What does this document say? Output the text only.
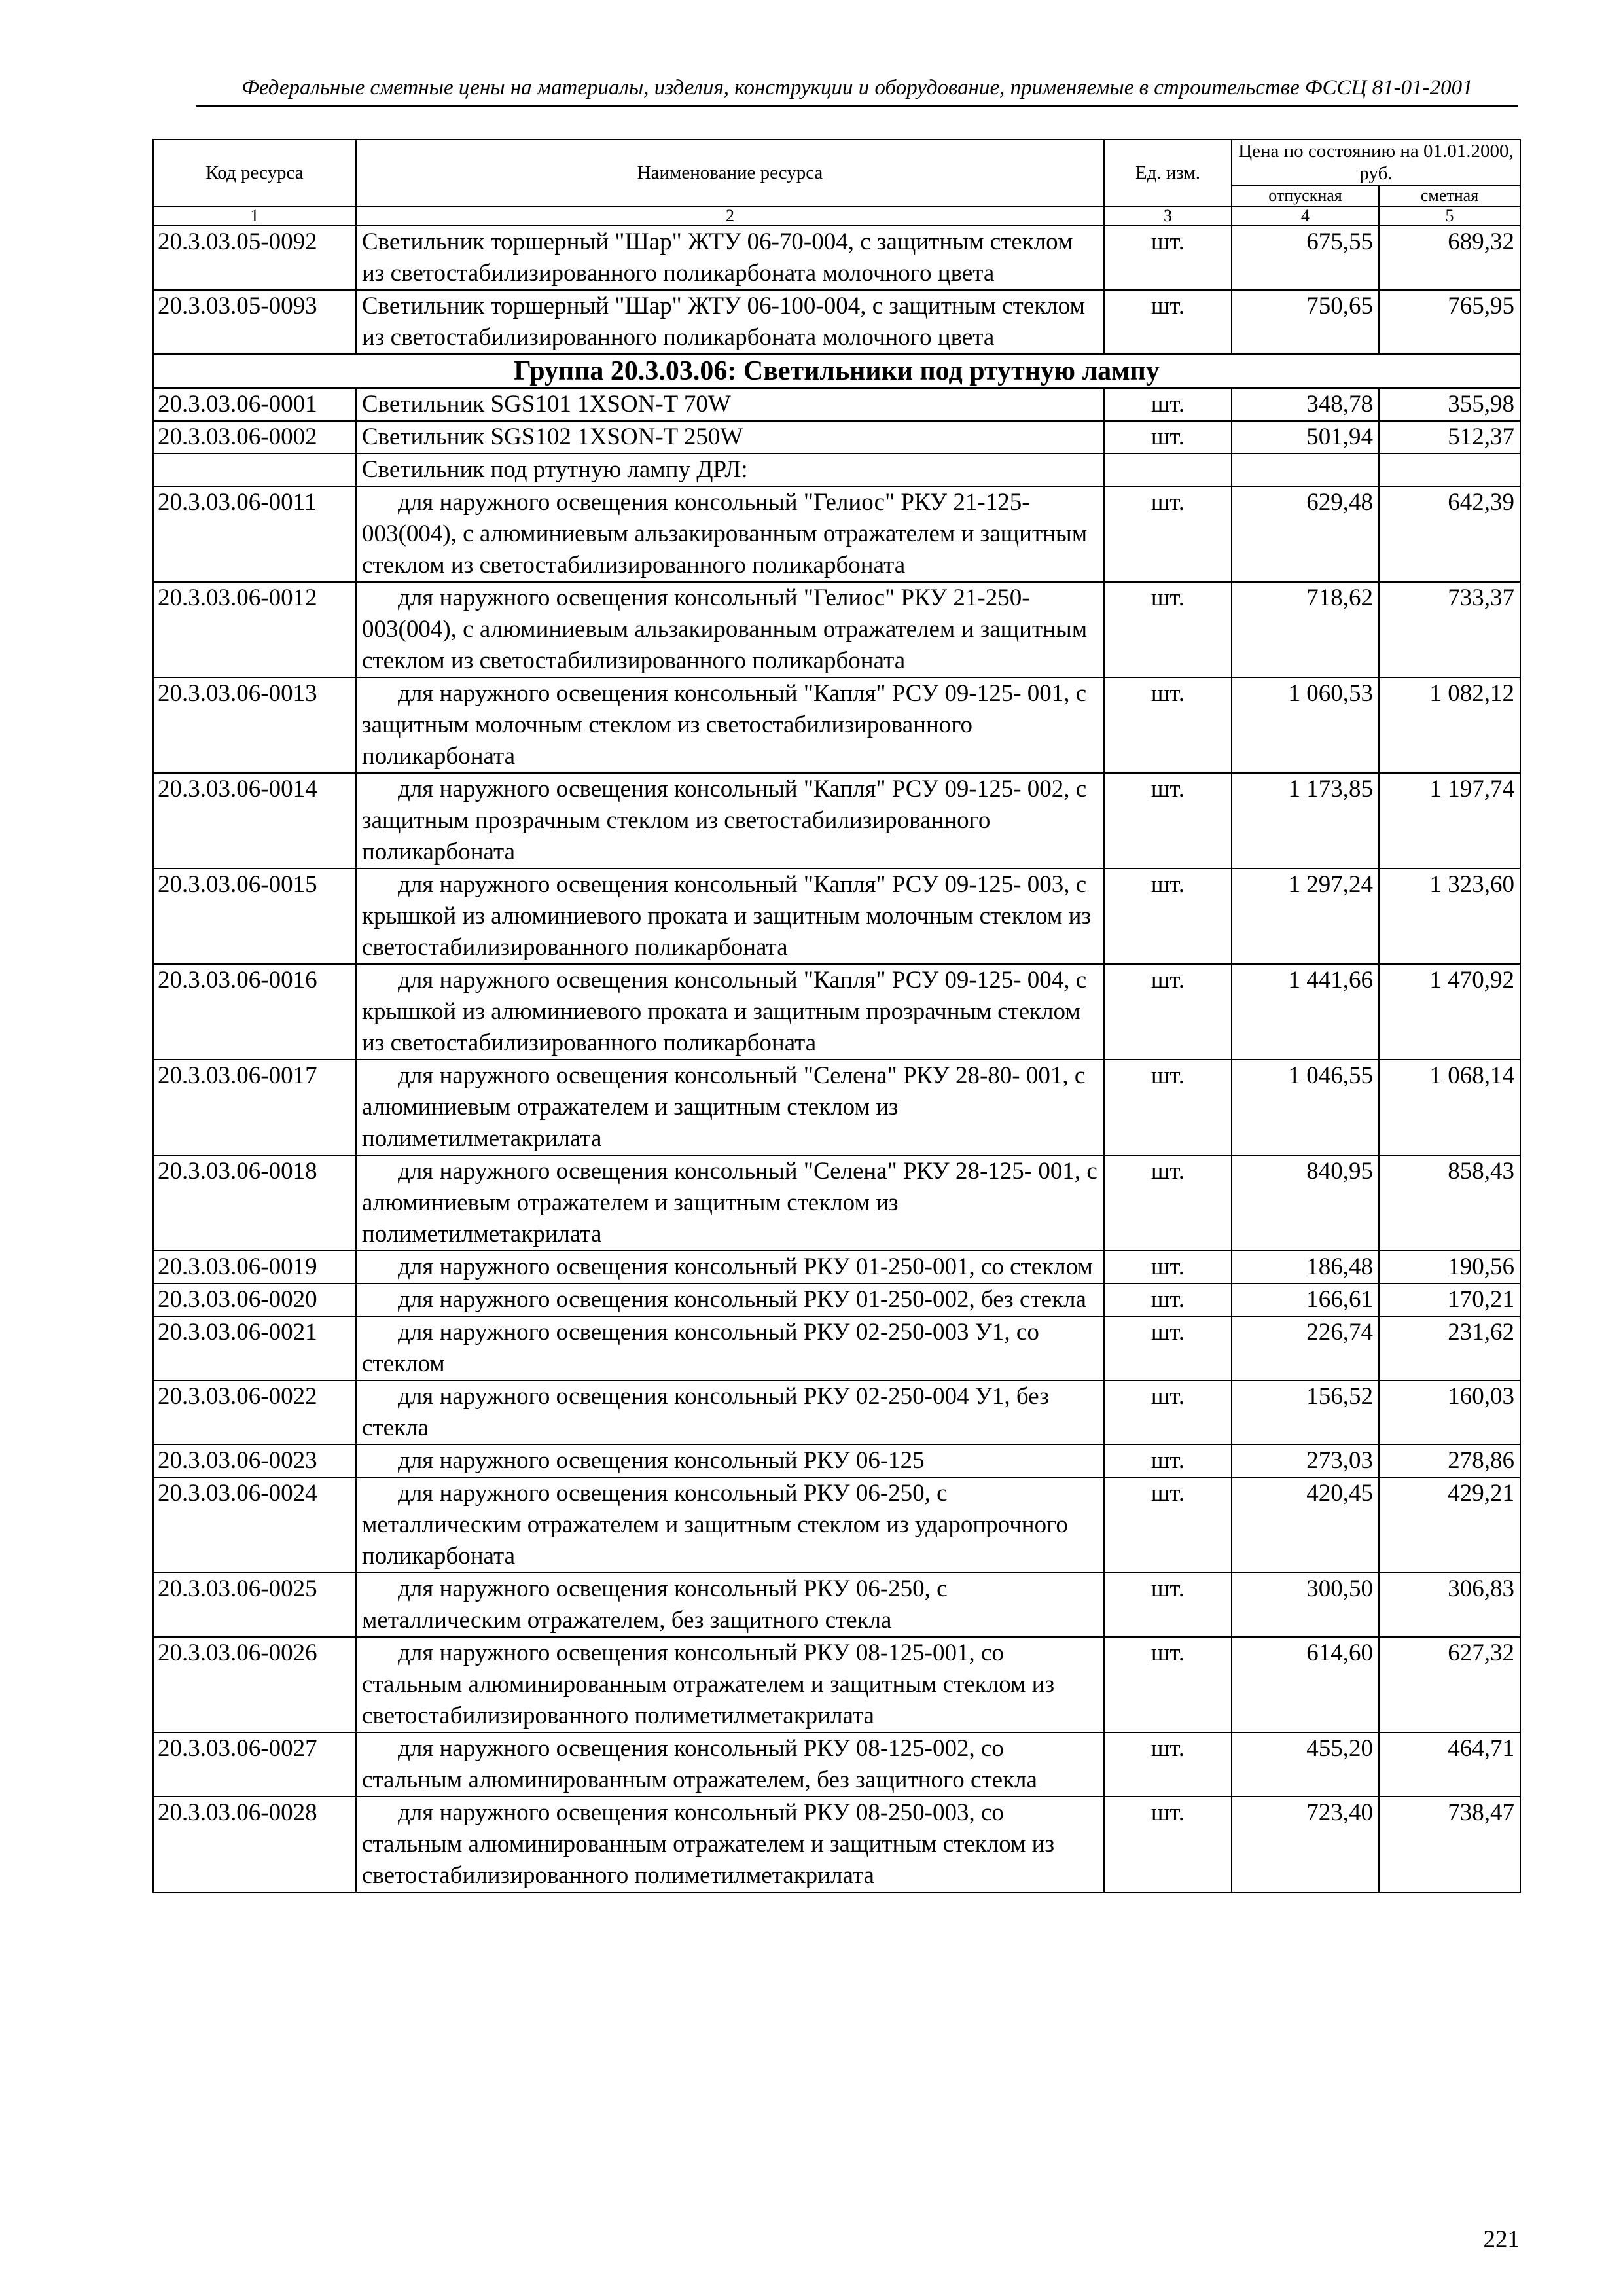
Федеральные сметные цены на материалы, изделия, конструкции и оборудование, применяемые в строительстве ФССЦ 81-01-2001
Код ресурса	Наименование ресурса	Ед. изм.	Цена по состоянию на 01.01.2000, руб.	
			отпускная	сметная
1	2	3	4	5
20.3.03.05-0092	Светильник торшерный "Шар" ЖТУ 06-70-004, с защитным стеклом из светостабилизированного поликарбоната молочного цвета	шт.	675,55	689,32
20.3.03.05-0093	Светильник торшерный "Шар" ЖТУ 06-100-004, с защитным стеклом из светостабилизированного поликарбоната молочного цвета	шт.	750,65	765,95
Группа 20.3.03.06: Светильники под ртутную лампу				
20.3.03.06-0001	Светильник SGS101 1XSON-T 70W	шт.	348,78	355,98
20.3.03.06-0002	Светильник SGS102 1XSON-T 250W	шт.	501,94	512,37
	Светильник под ртутную лампу ДРЛ:			
20.3.03.06-0011	для наружного освещения консольный "Гелиос" РКУ 21-125- 003(004), с алюминиевым альзакированным отражателем и защитным стеклом из светостабилизированного поликарбоната	шт.	629,48	642,39
20.3.03.06-0012	для наружного освещения консольный "Гелиос" РКУ 21-250- 003(004), с алюминиевым альзакированным отражателем и защитным стеклом из светостабилизированного поликарбоната	шт.	718,62	733,37
20.3.03.06-0013	для наружного освещения консольный "Капля" РСУ 09-125- 001, с защитным молочным стеклом из светостабилизированного поликарбоната	шт.	1 060,53	1 082,12
20.3.03.06-0014	для наружного освещения консольный "Капля" РСУ 09-125- 002, с защитным прозрачным стеклом из светостабилизированного поликарбоната	шт.	1 173,85	1 197,74
20.3.03.06-0015	для наружного освещения консольный "Капля" РСУ 09-125- 003, с крышкой из алюминиевого проката и защитным молочным стеклом из светостабилизированного поликарбоната	шт.	1 297,24	1 323,60
20.3.03.06-0016	для наружного освещения консольный "Капля" РСУ 09-125- 004, с крышкой из алюминиевого проката и защитным прозрачным стеклом из светостабилизированного поликарбоната	шт.	1 441,66	1 470,92
20.3.03.06-0017	для наружного освещения консольный "Селена" РКУ 28-80- 001, с алюминиевым отражателем и защитным стеклом из полиметилметакрилата	шт.	1 046,55	1 068,14
20.3.03.06-0018	для наружного освещения консольный "Селена" РКУ 28-125- 001, с алюминиевым отражателем и защитным стеклом из полиметилметакрилата	шт.	840,95	858,43
20.3.03.06-0019	для наружного освещения консольный РКУ 01-250-001, со стеклом	шт.	186,48	190,56
20.3.03.06-0020	для наружного освещения консольный РКУ 01-250-002, без стекла	шт.	166,61	170,21
20.3.03.06-0021	для наружного освещения консольный РКУ 02-250-003 У1, со стеклом	шт.	226,74	231,62
20.3.03.06-0022	для наружного освещения консольный РКУ 02-250-004 У1, без стекла	шт.	156,52	160,03
20.3.03.06-0023	для наружного освещения консольный РКУ 06-125	шт.	273,03	278,86
20.3.03.06-0024	для наружного освещения консольный РКУ 06-250, с металлическим отражателем и защитным стеклом из ударопрочного поликарбоната	шт.	420,45	429,21
20.3.03.06-0025	для наружного освещения консольный РКУ 06-250, с металлическим отражателем, без защитного стекла	шт.	300,50	306,83
20.3.03.06-0026	для наружного освещения консольный РКУ 08-125-001, со стальным алюминированным отражателем и защитным стеклом из светостабилизированного полиметилметакрилата	шт.	614,60	627,32
20.3.03.06-0027	для наружного освещения консольный РКУ 08-125-002, со стальным алюминированным отражателем, без защитного стекла	шт.	455,20	464,71
20.3.03.06-0028	для наружного освещения консольный РКУ 08-250-003, со стальным алюминированным отражателем и защитным стеклом из светостабилизированного полиметилметакрилата	шт.	723,40	738,47
221
